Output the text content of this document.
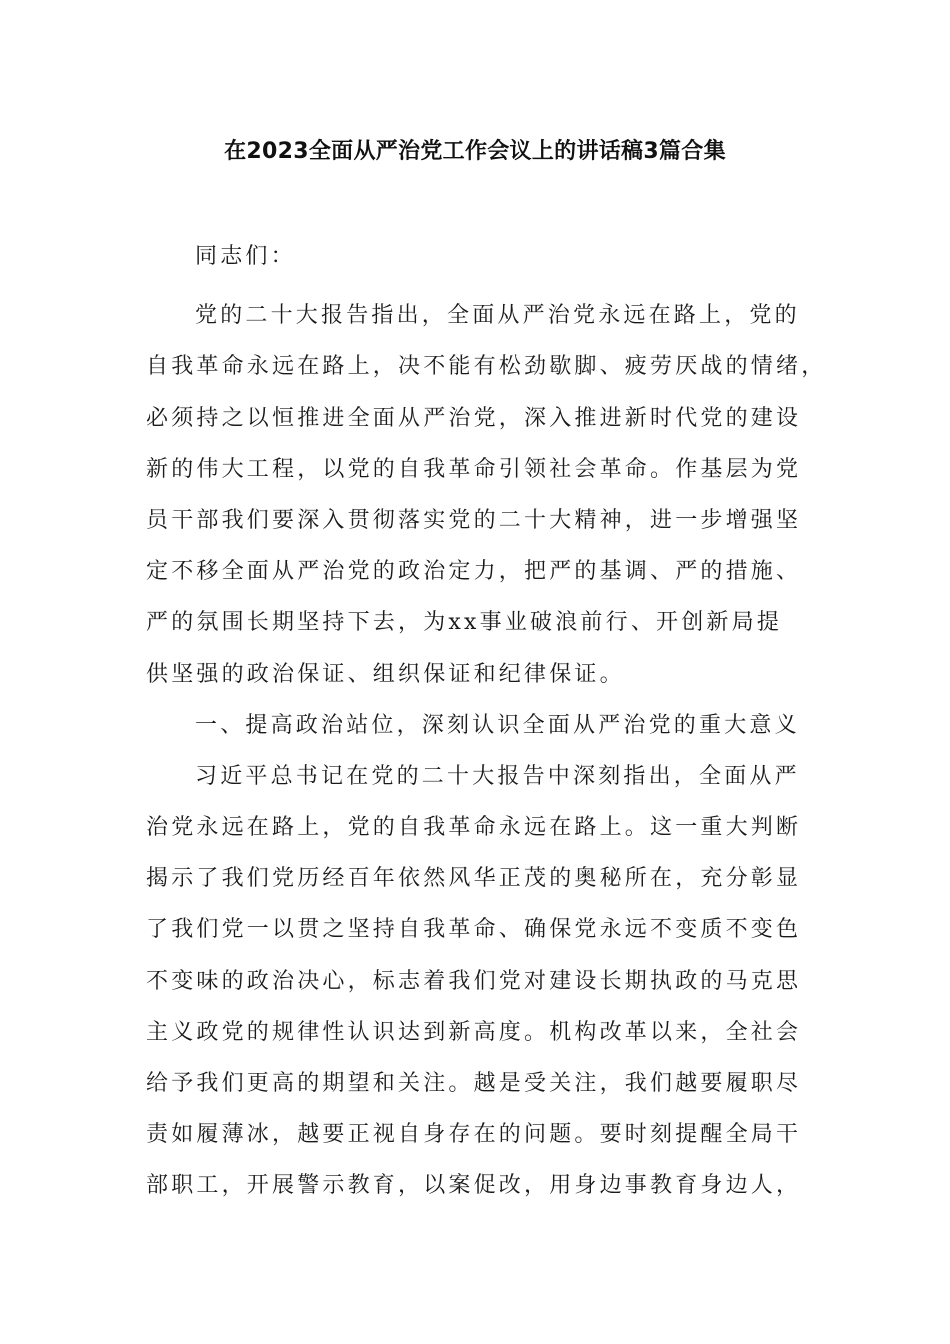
在2023全面从严治党工作会议上的讲话稿3篇合集
同志们：
党的二十大报告指出，全面从严治党永远在路上，党的
自我革命永远在路上，决不能有松劲歇脚、疲劳厌战的情绪，
必须持之以恒推进全面从严治党，深入推进新时代党的建设
新的伟大工程，以党的自我革命引领社会革命。作基层为党
员干部我们要深入贯彻落实党的二十大精神，进一步增强坚
定不移全面从严治党的政治定力，把严的基调、严的措施、
严的氛围长期坚持下去，为xx事业破浪前行、开创新局提
供坚强的政治保证、组织保证和纪律保证。
一、提高政治站位，深刻认识全面从严治党的重大意义
习近平总书记在党的二十大报告中深刻指出，全面从严
治党永远在路上，党的自我革命永远在路上。这一重大判断
揭示了我们党历经百年依然风华正茂的奥秘所在，充分彰显
了我们党一以贯之坚持自我革命、确保党永远不变质不变色
不变味的政治决心，标志着我们党对建设长期执政的马克思
主义政党的规律性认识达到新高度。机构改革以来，全社会
给予我们更高的期望和关注。越是受关注，我们越要履职尽
责如履薄冰，越要正视自身存在的问题。要时刻提醒全局干
部职工，开展警示教育，以案促改，用身边事教育身边人，
